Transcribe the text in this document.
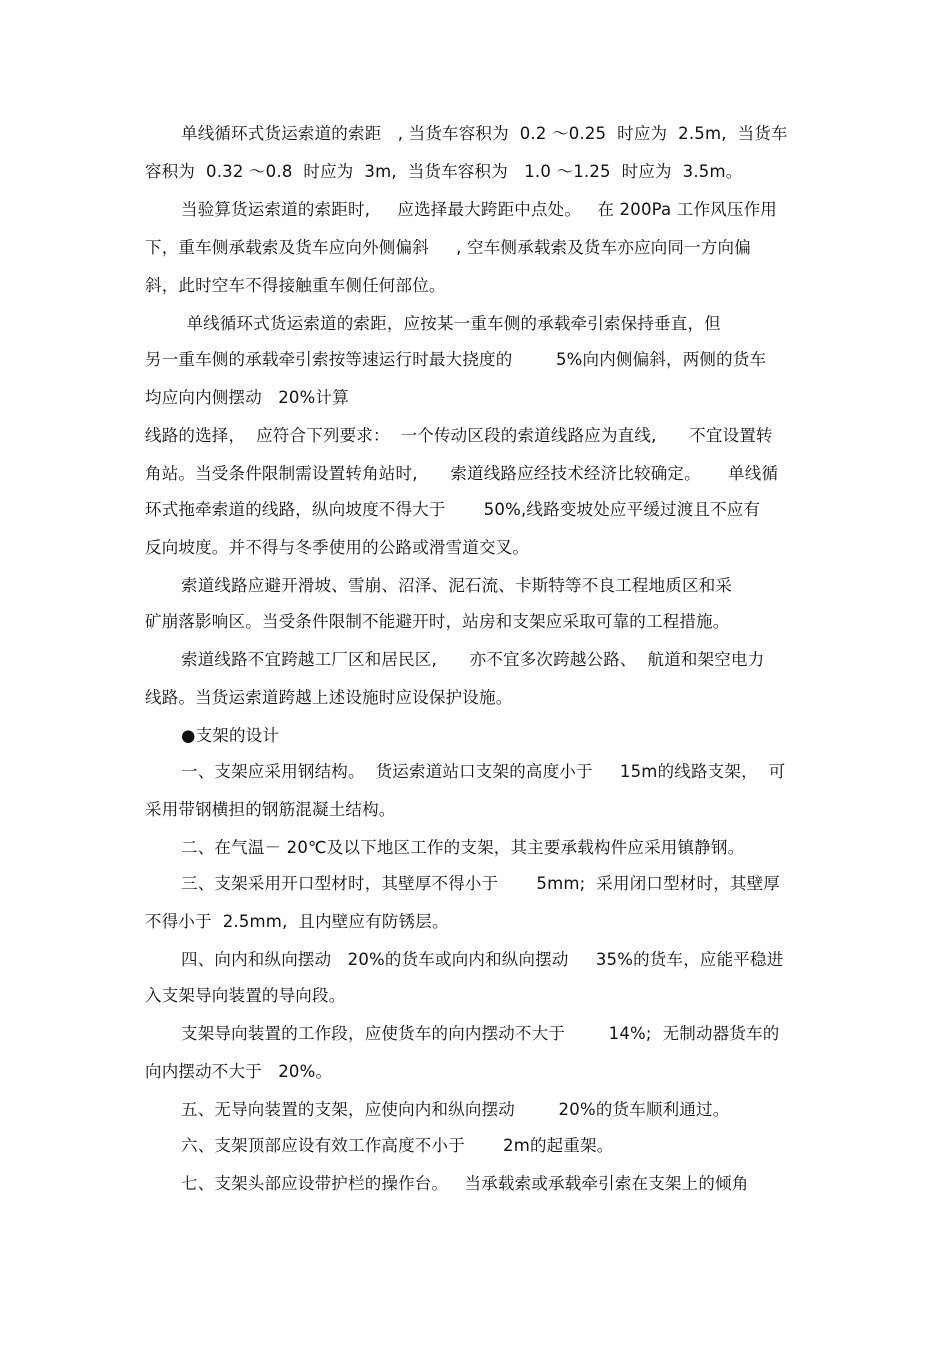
单线循环式货运索道的索距   , 当货车容积为  0.2 ～0.25  时应为  2.5m,  当货车
容积为  0.32 ～0.8  时应为  3m,  当货车容积为   1.0 ～1.25  时应为  3.5m。
当验算货运索道的索距时,     应选择最大跨距中点处。   在 200Pa 工作风压作用
下，重车侧承载索及货车应向外侧偏斜     , 空车侧承载索及货车亦应向同一方向偏
斜，此时空车不得接触重车侧任何部位。
单线循环式货运索道的索距，应按某一重车侧的承载牵引索保持垂直，但
另一重车侧的承载牵引索按等速运行时最大挠度的        5%向内侧偏斜，两侧的货车
均应向内侧摆动   20%计算
线路的选择，  应符合下列要求：  一个传动区段的索道线路应为直线,      不宜设置转
角站。当受条件限制需设置转角站时,      索道线路应经技术经济比较确定。     单线循
环式拖牵索道的线路，纵向坡度不得大于       50%,线路变坡处应平缓过渡且不应有
反向坡度。并不得与冬季使用的公路或滑雪道交叉。
索道线路应避开滑坡、雪崩、沼泽、泥石流、卡斯特等不良工程地质区和采
矿崩落影响区。当受条件限制不能避开时，站房和支架应采取可靠的工程措施。
索道线路不宜跨越工厂区和居民区,      亦不宜多次跨越公路、  航道和架空电力
线路。当货运索道跨越上述设施时应设保护设施。
●支架的设计
一、支架应采用钢结构。  货运索道站口支架的高度小于     15m的线路支架，  可
采用带钢横担的钢筋混凝土结构。
二、在气温－ 20℃及以下地区工作的支架，其主要承载构件应采用镇静钢。
三、支架采用开口型材时，其壁厚不得小于       5mm;  采用闭口型材时，其壁厚
不得小于  2.5mm,  且内壁应有防锈层。
四、向内和纵向摆动   20%的货车或向内和纵向摆动     35%的货车，应能平稳进
入支架导向装置的导向段。
支架导向装置的工作段，应使货车的向内摆动不大于        14%;  无制动器货车的
向内摆动不大于   20%。
五、无导向装置的支架，应使向内和纵向摆动        20%的货车顺利通过。
六、支架顶部应设有效工作高度不小于       2m的起重架。
七、支架头部应设带护栏的操作台。   当承载索或承载牵引索在支架上的倾角
